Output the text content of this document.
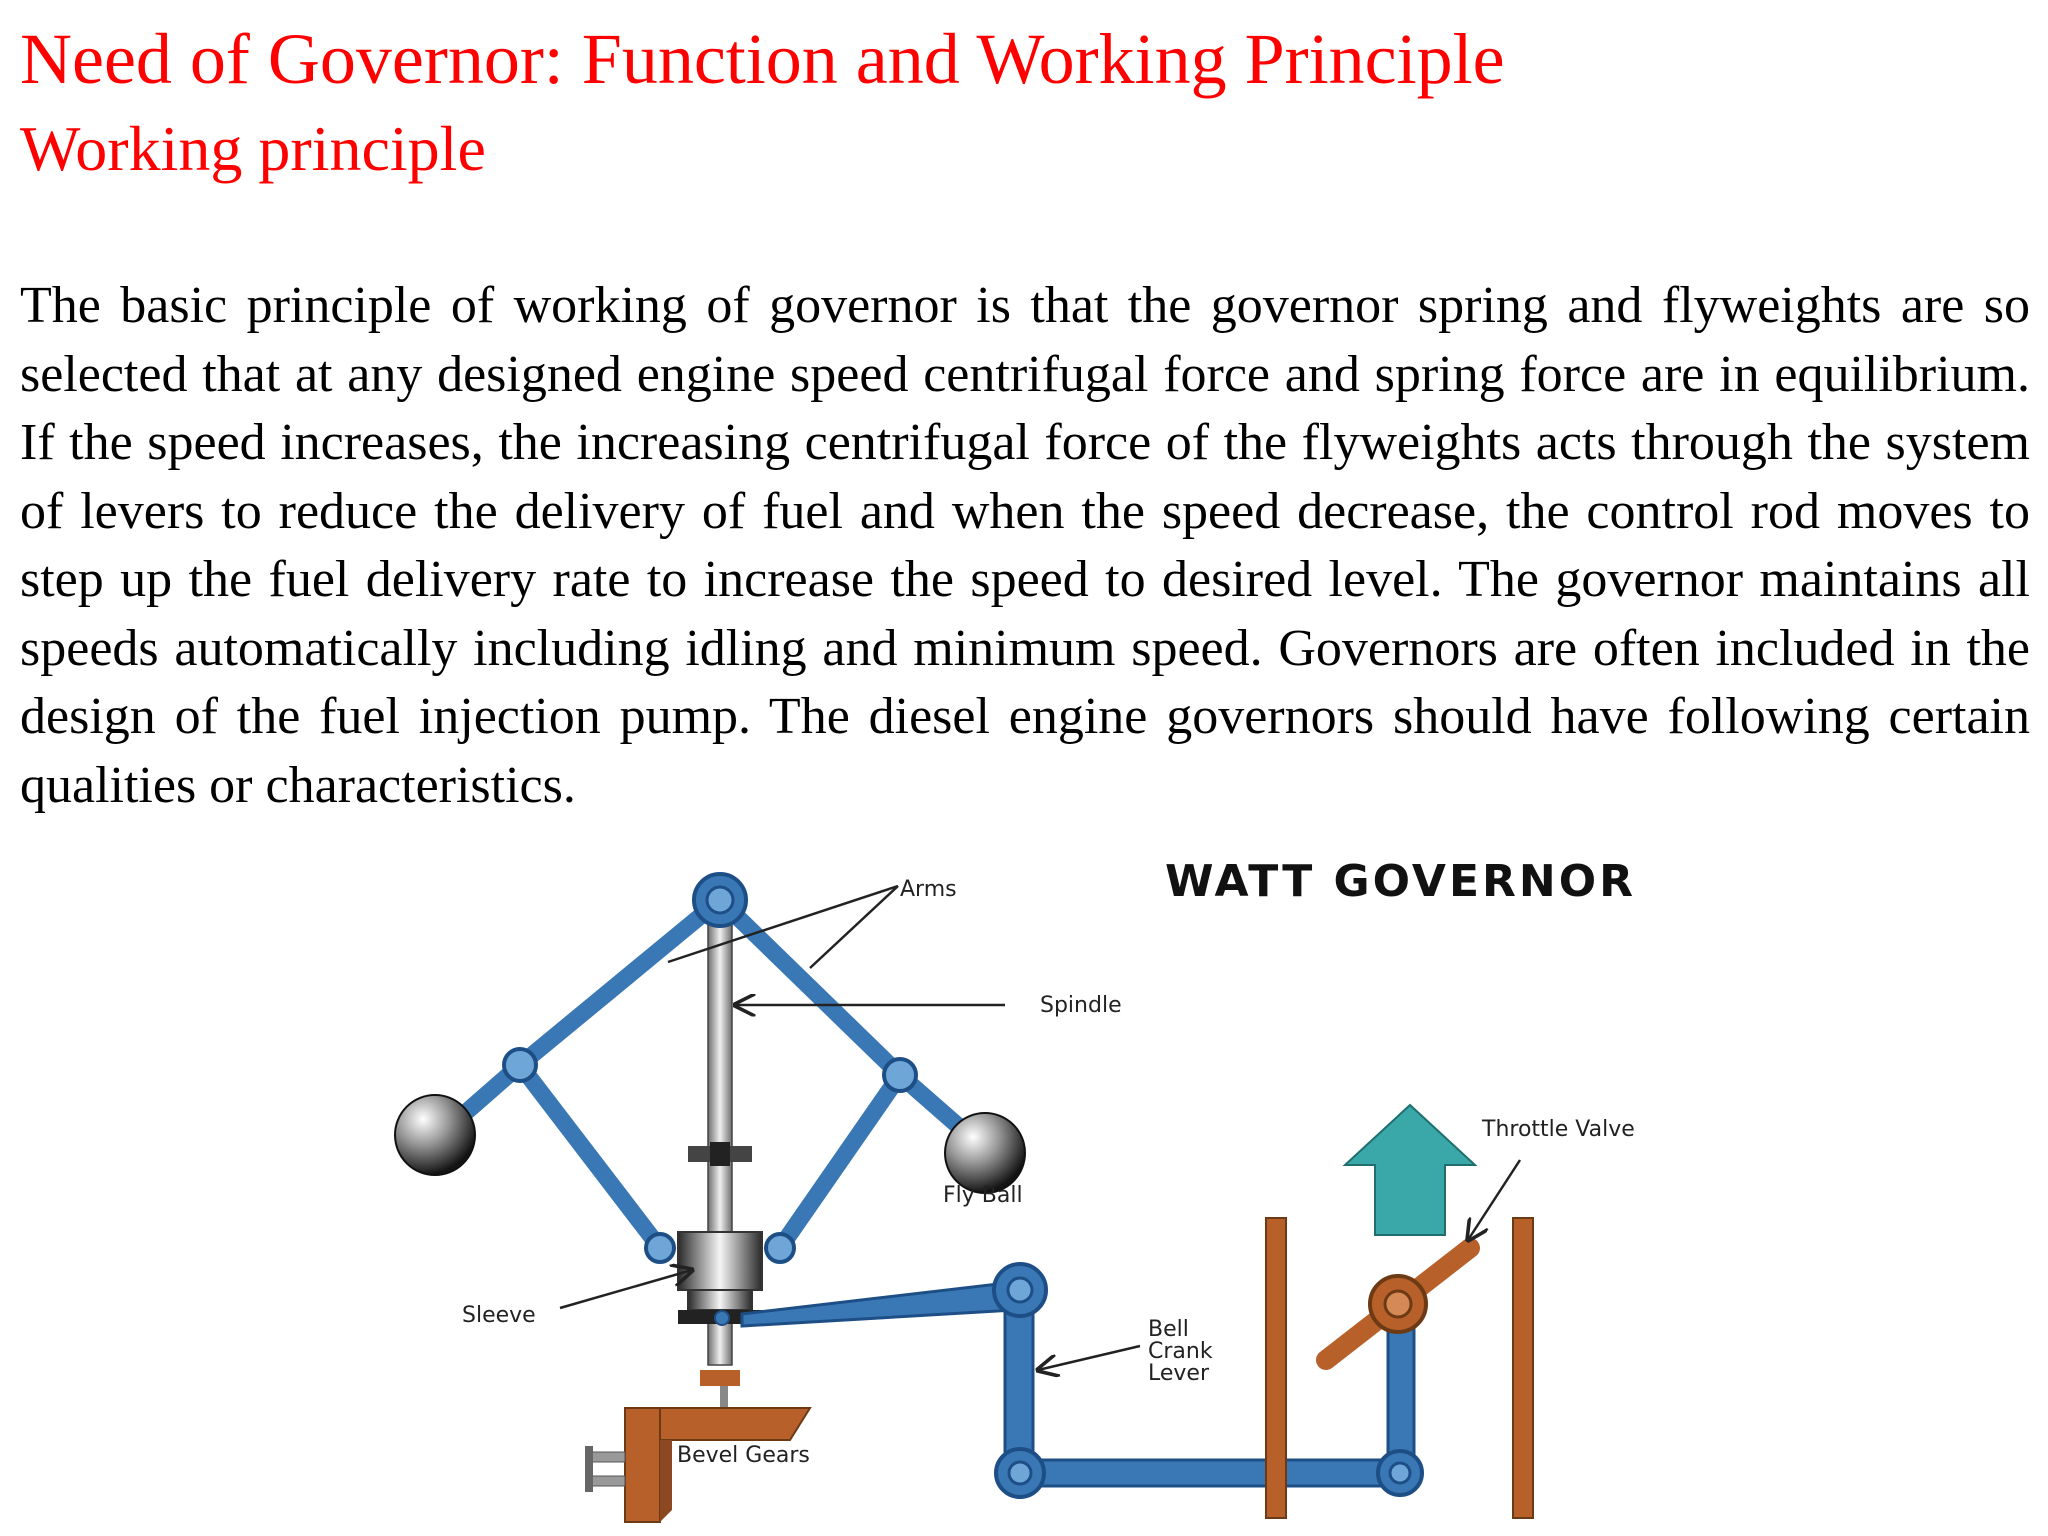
Need of Governor: Function and Working Principle
Working principle

The basic principle of working of governor is that the governor spring and flyweights are so selected that at any designed engine speed centrifugal force and spring force are in equilibrium. If the speed increases, the increasing centrifugal force of the flyweights acts through the system of levers to reduce the delivery of fuel and when the speed decrease, the control rod moves to step up the fuel delivery rate to increase the speed to desired level. The governor maintains all speeds automatically including idling and minimum speed. Governors are often included in the design of the fuel injection pump. The diesel engine governors should have following certain qualities or characteristics.

WATT GOVERNOR
Arms
Spindle
Fly Ball
Throttle Valve
Sleeve
Bell
Crank
Lever
Bevel Gears
